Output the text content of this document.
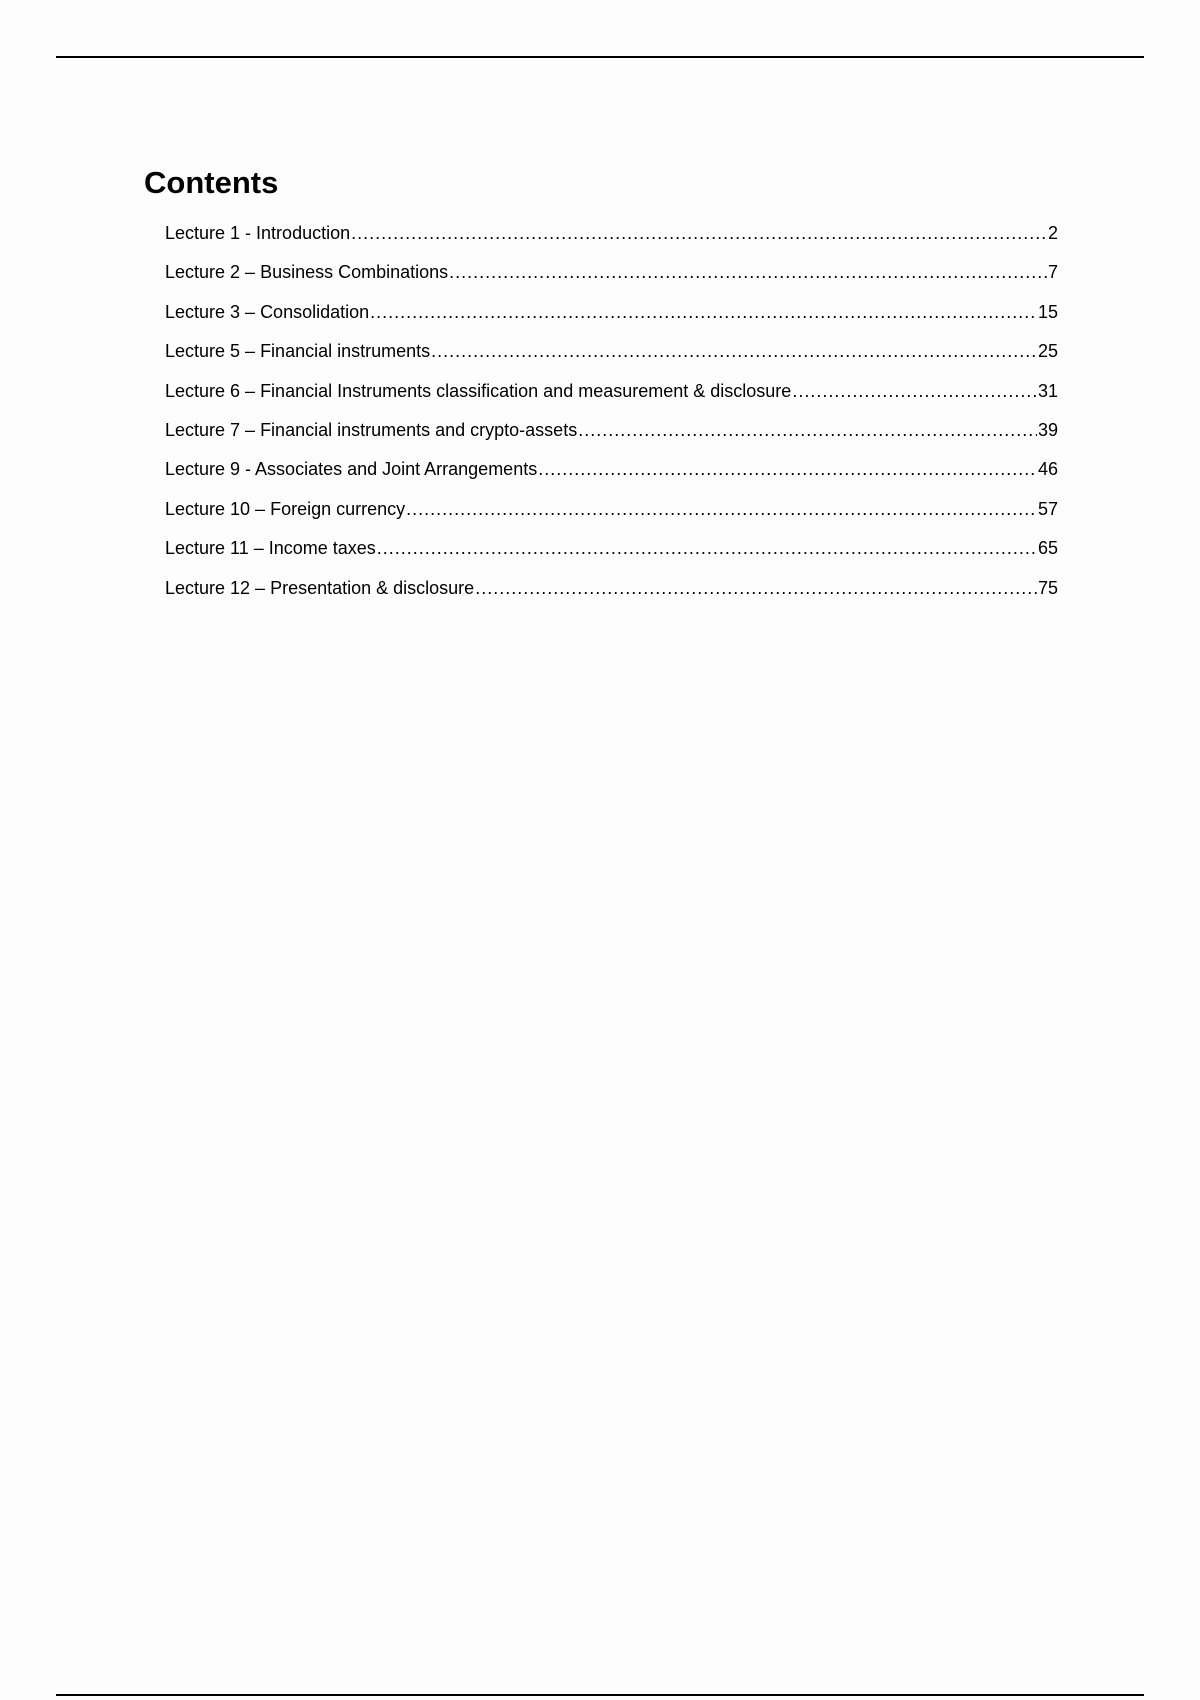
Contents
Lecture 1 - Introduction .....	2
Lecture 2 – Business Combinations .....	7
Lecture 3 – Consolidation .....	15
Lecture 5 – Financial instruments .....	25
Lecture 6 – Financial Instruments classification and measurement & disclosure .....	31
Lecture 7 – Financial instruments and crypto-assets .....	39
Lecture 9 - Associates and Joint Arrangements .....	46
Lecture 10 – Foreign currency .....	57
Lecture 11 – Income taxes .....	65
Lecture 12 – Presentation & disclosure .....	75
